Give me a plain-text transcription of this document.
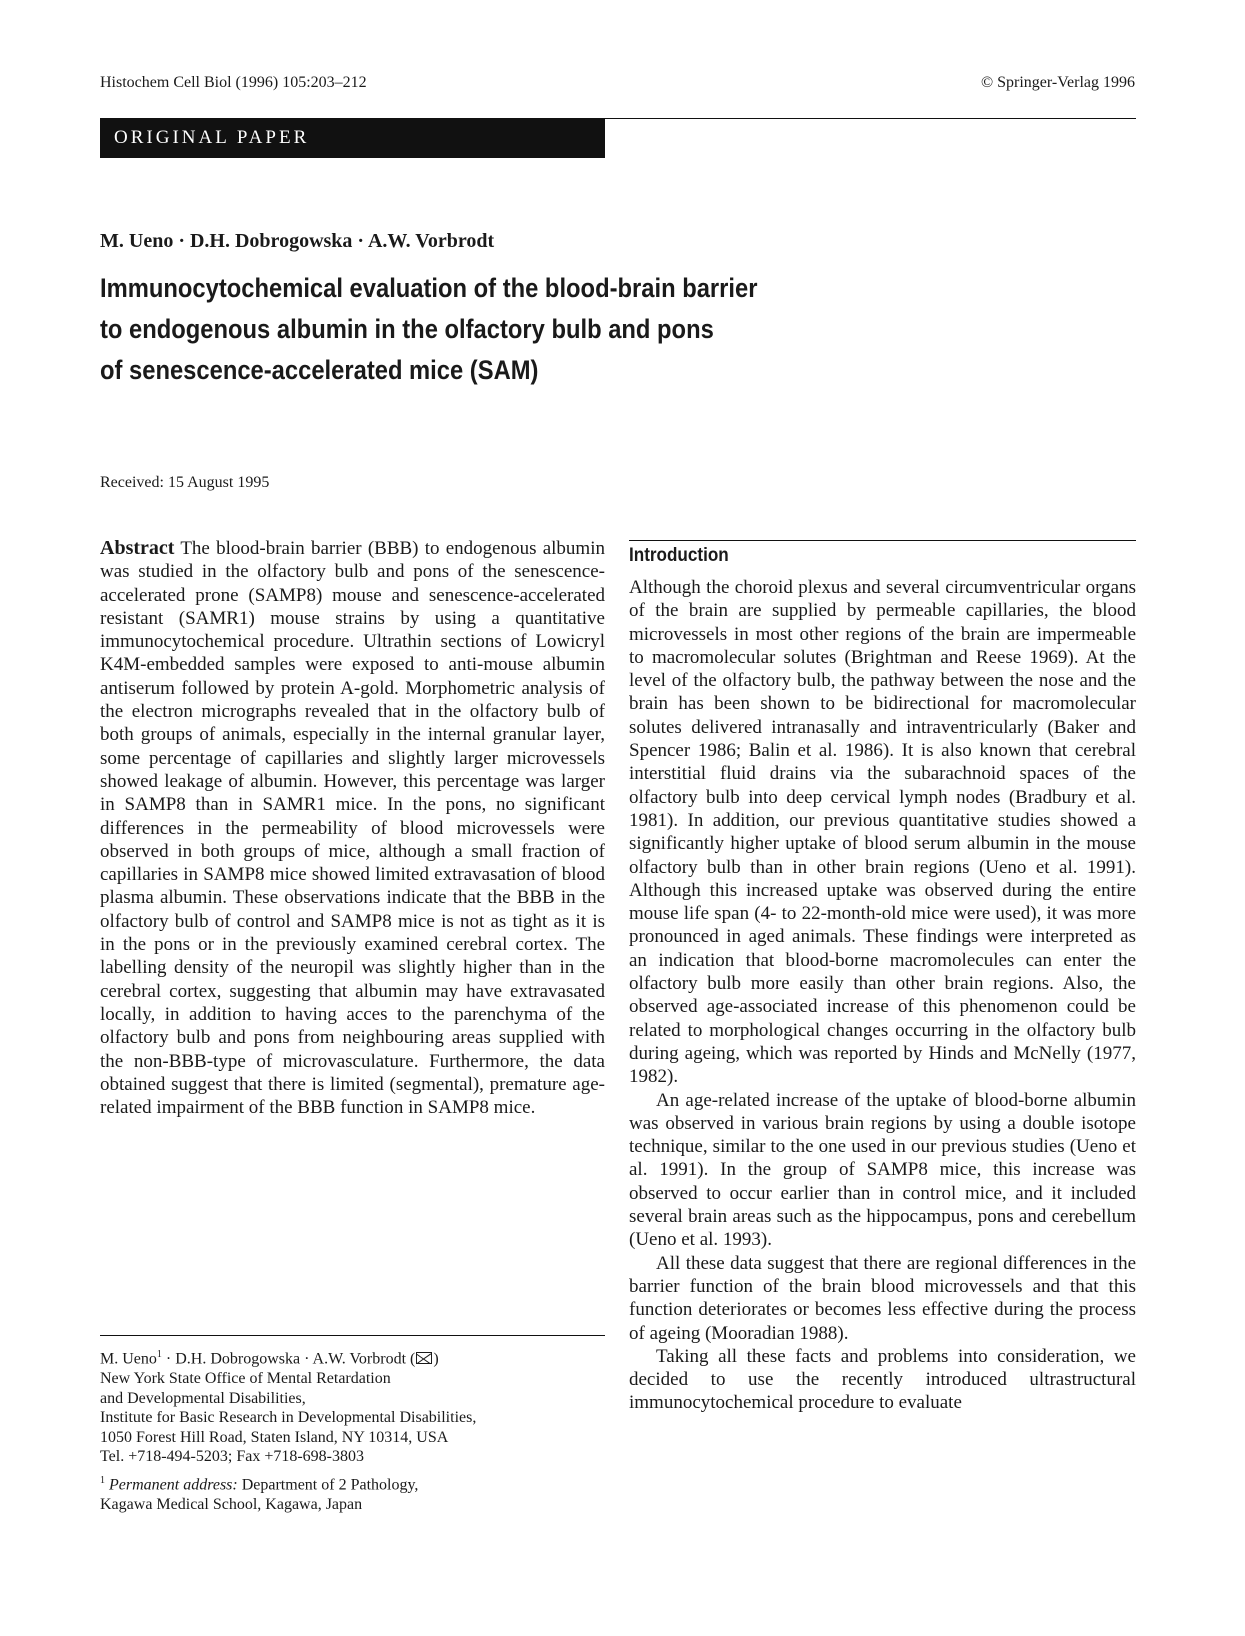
Histochem Cell Biol (1996) 105:203–212	© Springer-Verlag 1996
ORIGINAL PAPER
M. Ueno · D.H. Dobrogowska · A.W. Vorbrodt
Immunocytochemical evaluation of the blood-brain barrier
to endogenous albumin in the olfactory bulb and pons
of senescence-accelerated mice (SAM)
Received: 15 August 1995

Abstract The blood-brain barrier (BBB) to endogenous albumin was studied in the olfactory bulb and pons of the senescence-accelerated prone (SAMP8) mouse and senescence-accelerated resistant (SAMR1) mouse strains by using a quantitative immunocytochemical procedure. Ultrathin sections of Lowicryl K4M-embedded samples were exposed to anti-mouse albumin antiserum followed by protein A-gold. Morphometric analysis of the electron micrographs revealed that in the olfactory bulb of both groups of animals, especially in the internal granular layer, some percentage of capillaries and slightly larger microvessels showed leakage of albumin. However, this percentage was larger in SAMP8 than in SAMR1 mice. In the pons, no significant differences in the permeability of blood microvessels were observed in both groups of mice, although a small fraction of capillaries in SAMP8 mice showed limited extravasation of blood plasma albumin. These observations indicate that the BBB in the olfactory bulb of control and SAMP8 mice is not as tight as it is in the pons or in the previously examined cerebral cortex. The labelling density of the neuropil was slightly higher than in the cerebral cortex, suggesting that albumin may have extravasated locally, in addition to having acces to the parenchyma of the olfactory bulb and pons from neighbouring areas supplied with the non-BBB-type of microvasculature. Furthermore, the data obtained suggest that there is limited (segmental), premature age-related impairment of the BBB function in SAMP8 mice.

M. Ueno$^1$ · D.H. Dobrogowska · A.W. Vorbrodt ( )
New York State Office of Mental Retardation
and Developmental Disabilities,
Institute for Basic Research in Developmental Disabilities,
1050 Forest Hill Road, Staten Island, NY 10314, USA
Tel. +718-494-5203; Fax +718-698-3803
$^1$ Permanent address: Department of 2 Pathology,
Kagawa Medical School, Kagawa, Japan
Introduction

Although the choroid plexus and several circumventricular organs of the brain are supplied by permeable capillaries, the blood microvessels in most other regions of the brain are impermeable to macromolecular solutes (Brightman and Reese 1969). At the level of the olfactory bulb, the pathway between the nose and the brain has been shown to be bidirectional for macromolecular solutes delivered intranasally and intraventricularly (Baker and Spencer 1986; Balin et al. 1986). It is also known that cerebral interstitial fluid drains via the subarachnoid spaces of the olfactory bulb into deep cervical lymph nodes (Bradbury et al. 1981). In addition, our previous quantitative studies showed a significantly higher uptake of blood serum albumin in the mouse olfactory bulb than in other brain regions (Ueno et al. 1991). Although this increased uptake was observed during the entire mouse life span (4- to 22-month-old mice were used), it was more pronounced in aged animals. These findings were interpreted as an indication that blood-borne macromolecules can enter the olfactory bulb more easily than other brain regions. Also, the observed age-associated increase of this phenomenon could be related to morphological changes occurring in the olfactory bulb during ageing, which was reported by Hinds and McNelly (1977, 1982).

An age-related increase of the uptake of blood-borne albumin was observed in various brain regions by using a double isotope technique, similar to the one used in our previous studies (Ueno et al. 1991). In the group of SAMP8 mice, this increase was observed to occur earlier than in control mice, and it included several brain areas such as the hippocampus, pons and cerebellum (Ueno et al. 1993).

All these data suggest that there are regional differences in the barrier function of the brain blood microvessels and that this function deteriorates or becomes less effective during the process of ageing (Mooradian 1988).

Taking all these facts and problems into consideration, we decided to use the recently introduced ultrastructural immunocytochemical procedure to evaluate
